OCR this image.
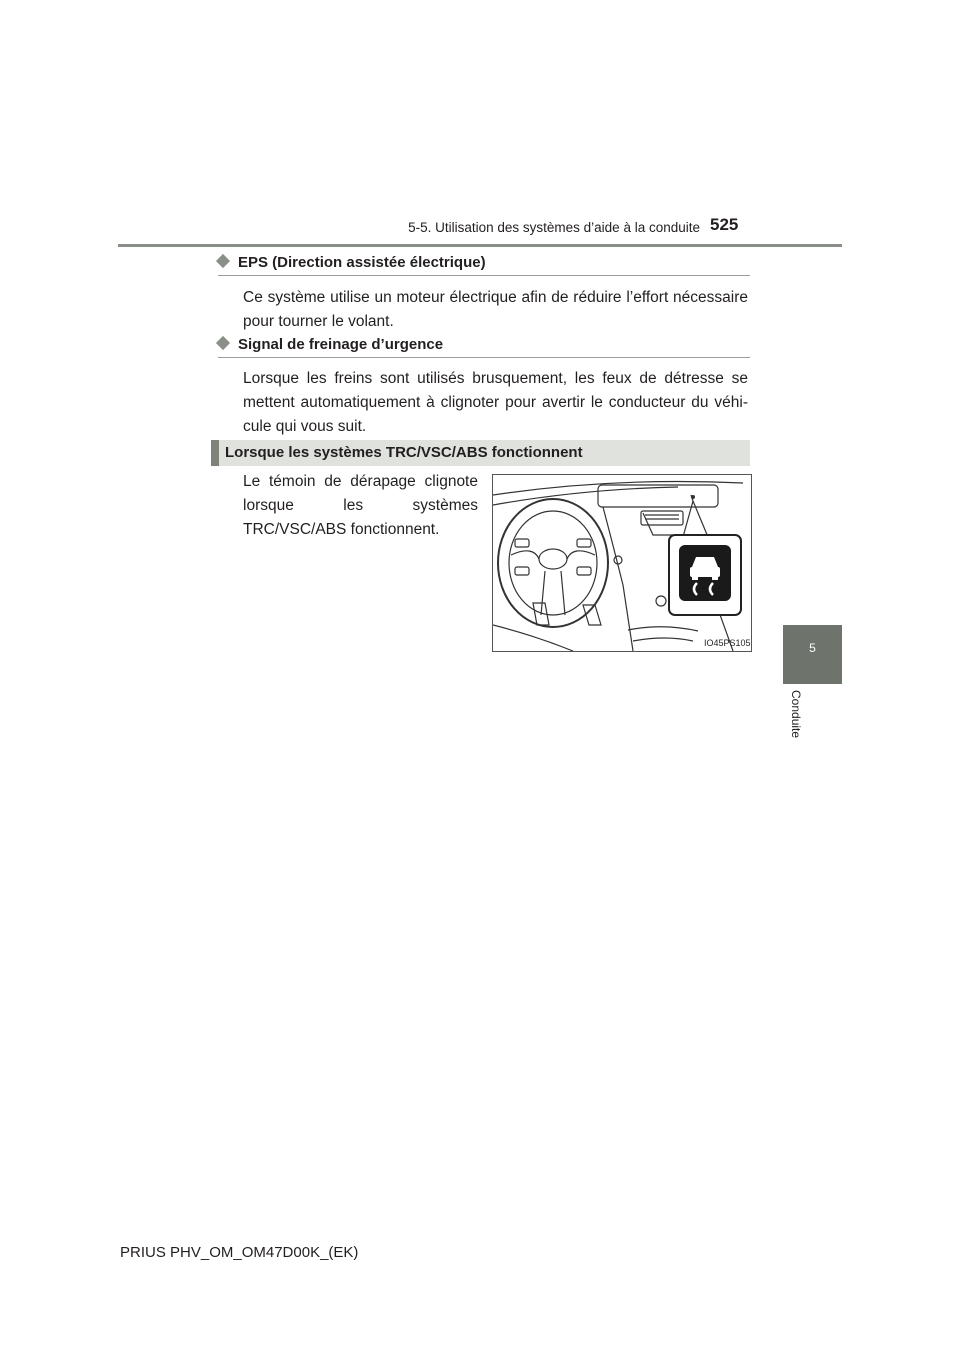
5-5. Utilisation des systèmes d’aide à la conduite 525
5
Conduite
EPS (Direction assistée électrique)
Ce système utilise un moteur électrique afin de réduire l’effort nécessaire pour tourner le volant.
Signal de freinage d’urgence
Lorsque les freins sont utilisés brusquement, les feux de détresse se mettent automatiquement à clignoter pour avertir le conducteur du véhi-cule qui vous suit.
Lorsque les systèmes TRC/VSC/ABS fonctionnent
Le témoin de dérapage clignote lorsque les systèmes TRC/VSC/ABS fonctionnent.
IO45PS105
PRIUS PHV_OM_OM47D00K_(EK)
